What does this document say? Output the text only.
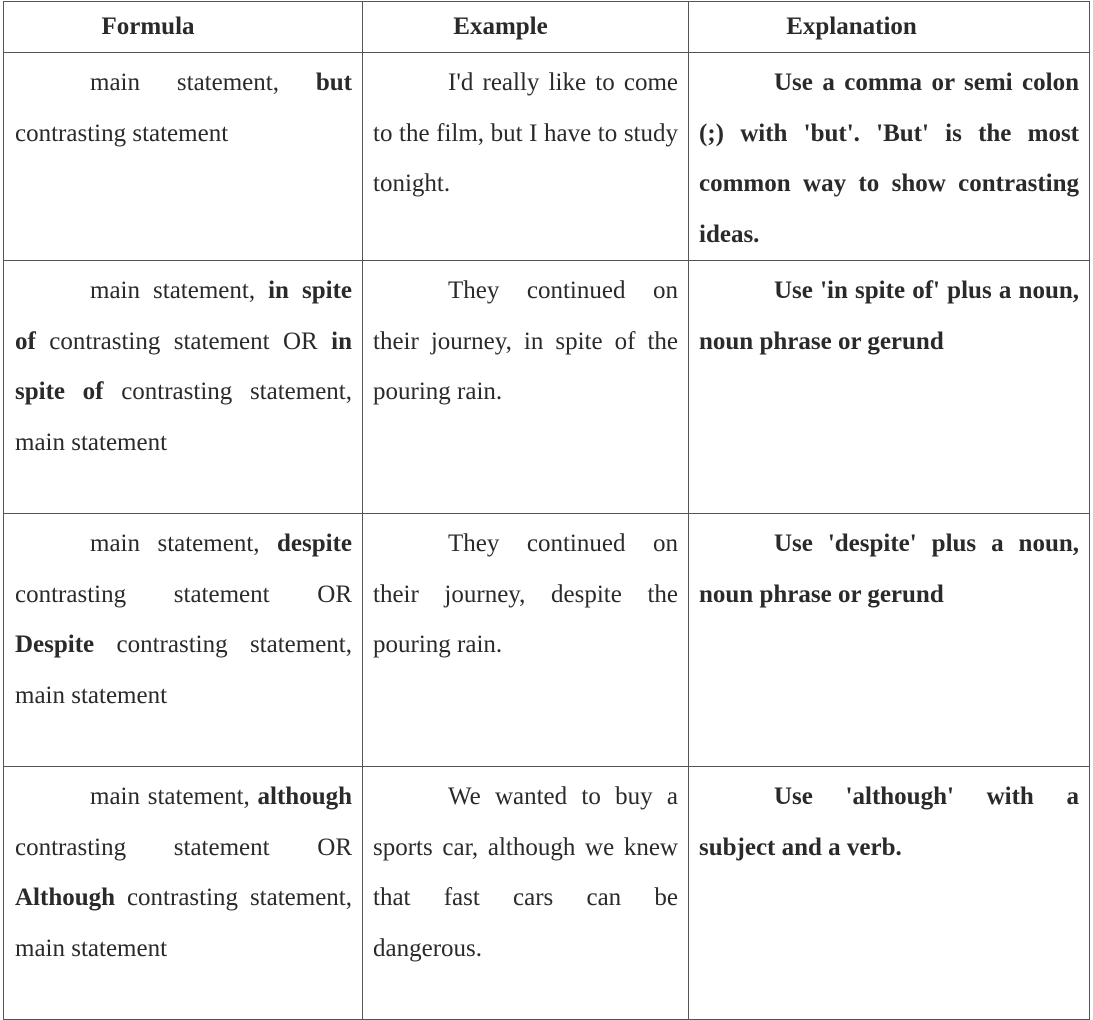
Formula	Example	Explanation

main statement, but contrasting statement	I'd really like to come to the film, but I have to study tonight.	Use a comma or semi colon (;) with 'but'. 'But' is the most common way to show contrasting ideas.

main statement, in spite of contrasting statement OR in spite of contrasting statement, main statement	They continued on their journey, in spite of the pouring rain.	Use 'in spite of' plus a noun, noun phrase or gerund

main statement, despite contrasting statement OR Despite contrasting statement, main statement	They continued on their journey, despite the pouring rain.	Use 'despite' plus a noun, noun phrase or gerund

main statement, although contrasting statement OR Although contrasting statement, main statement	We wanted to buy a sports car, although we knew that fast cars can be dangerous.	Use 'although' with a subject and a verb.
